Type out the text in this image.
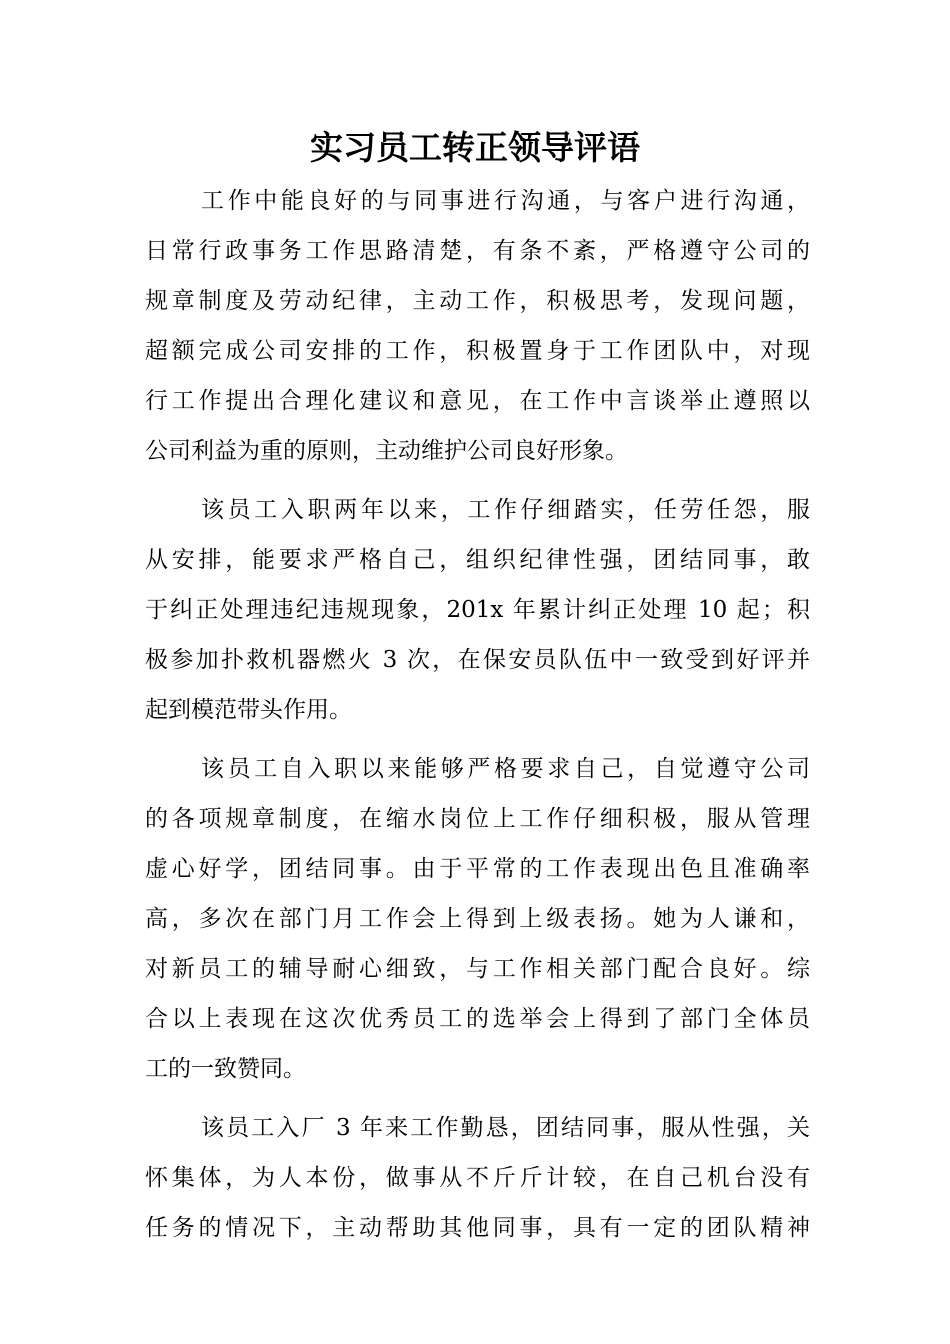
实习员工转正领导评语
工作中能良好的与同事进行沟通，与客户进行沟通，
日常行政事务工作思路清楚，有条不紊，严格遵守公司的
规章制度及劳动纪律，主动工作，积极思考，发现问题，
超额完成公司安排的工作，积极置身于工作团队中，对现
行工作提出合理化建议和意见，在工作中言谈举止遵照以
公司利益为重的原则，主动维护公司良好形象。
该员工入职两年以来，工作仔细踏实，任劳任怨，服
从安排，能要求严格自己，组织纪律性强，团结同事，敢
于纠正处理违纪违规现象，201x 年累计纠正处理 10 起；积
极参加扑救机器燃火 3 次，在保安员队伍中一致受到好评并
起到模范带头作用。
该员工自入职以来能够严格要求自己，自觉遵守公司
的各项规章制度，在缩水岗位上工作仔细积极，服从管理
虚心好学，团结同事。由于平常的工作表现出色且准确率
高，多次在部门月工作会上得到上级表扬。她为人谦和，
对新员工的辅导耐心细致，与工作相关部门配合良好。综
合以上表现在这次优秀员工的选举会上得到了部门全体员
工的一致赞同。
该员工入厂 3 年来工作勤恳，团结同事，服从性强，关
怀集体，为人本份，做事从不斤斤计较，在自己机台没有
任务的情况下，主动帮助其他同事，具有一定的团队精神
